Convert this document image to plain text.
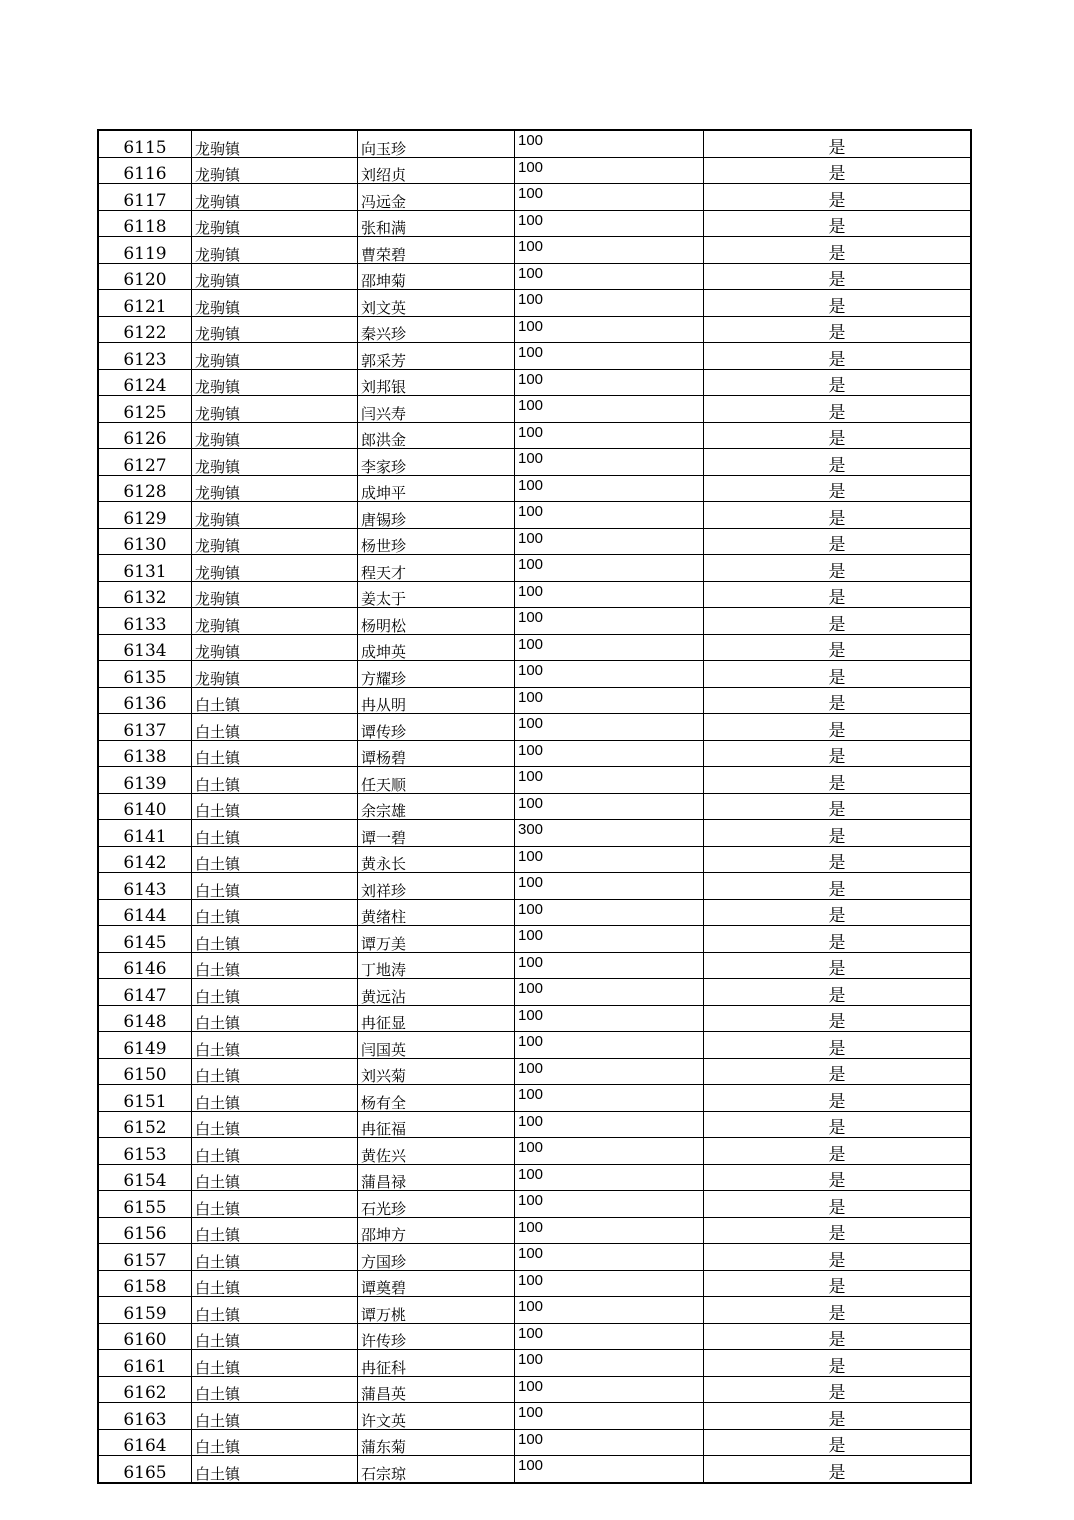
6115	龙驹镇	向玉珍	100	是
6116	龙驹镇	刘绍贞	100	是
6117	龙驹镇	冯远金	100	是
6118	龙驹镇	张和满	100	是
6119	龙驹镇	曹荣碧	100	是
6120	龙驹镇	邵坤菊	100	是
6121	龙驹镇	刘文英	100	是
6122	龙驹镇	秦兴珍	100	是
6123	龙驹镇	郭采芳	100	是
6124	龙驹镇	刘邦银	100	是
6125	龙驹镇	闫兴寿	100	是
6126	龙驹镇	郎洪金	100	是
6127	龙驹镇	李家珍	100	是
6128	龙驹镇	成坤平	100	是
6129	龙驹镇	唐锡珍	100	是
6130	龙驹镇	杨世珍	100	是
6131	龙驹镇	程天才	100	是
6132	龙驹镇	姜太于	100	是
6133	龙驹镇	杨明松	100	是
6134	龙驹镇	成坤英	100	是
6135	龙驹镇	方耀珍	100	是
6136	白土镇	冉从明	100	是
6137	白土镇	谭传珍	100	是
6138	白土镇	谭杨碧	100	是
6139	白土镇	任天顺	100	是
6140	白土镇	余宗雄	100	是
6141	白土镇	谭一碧	300	是
6142	白土镇	黄永长	100	是
6143	白土镇	刘祥珍	100	是
6144	白土镇	黄绪柱	100	是
6145	白土镇	谭万美	100	是
6146	白土镇	丁地涛	100	是
6147	白土镇	黄远沾	100	是
6148	白土镇	冉征显	100	是
6149	白土镇	闫国英	100	是
6150	白土镇	刘兴菊	100	是
6151	白土镇	杨有全	100	是
6152	白土镇	冉征福	100	是
6153	白土镇	黄佐兴	100	是
6154	白土镇	蒲昌禄	100	是
6155	白土镇	石光珍	100	是
6156	白土镇	邵坤方	100	是
6157	白土镇	方国珍	100	是
6158	白土镇	谭奠碧	100	是
6159	白土镇	谭万桃	100	是
6160	白土镇	许传珍	100	是
6161	白土镇	冉征科	100	是
6162	白土镇	蒲昌英	100	是
6163	白土镇	许文英	100	是
6164	白土镇	蒲东菊	100	是
6165	白土镇	石宗琼	100	是
